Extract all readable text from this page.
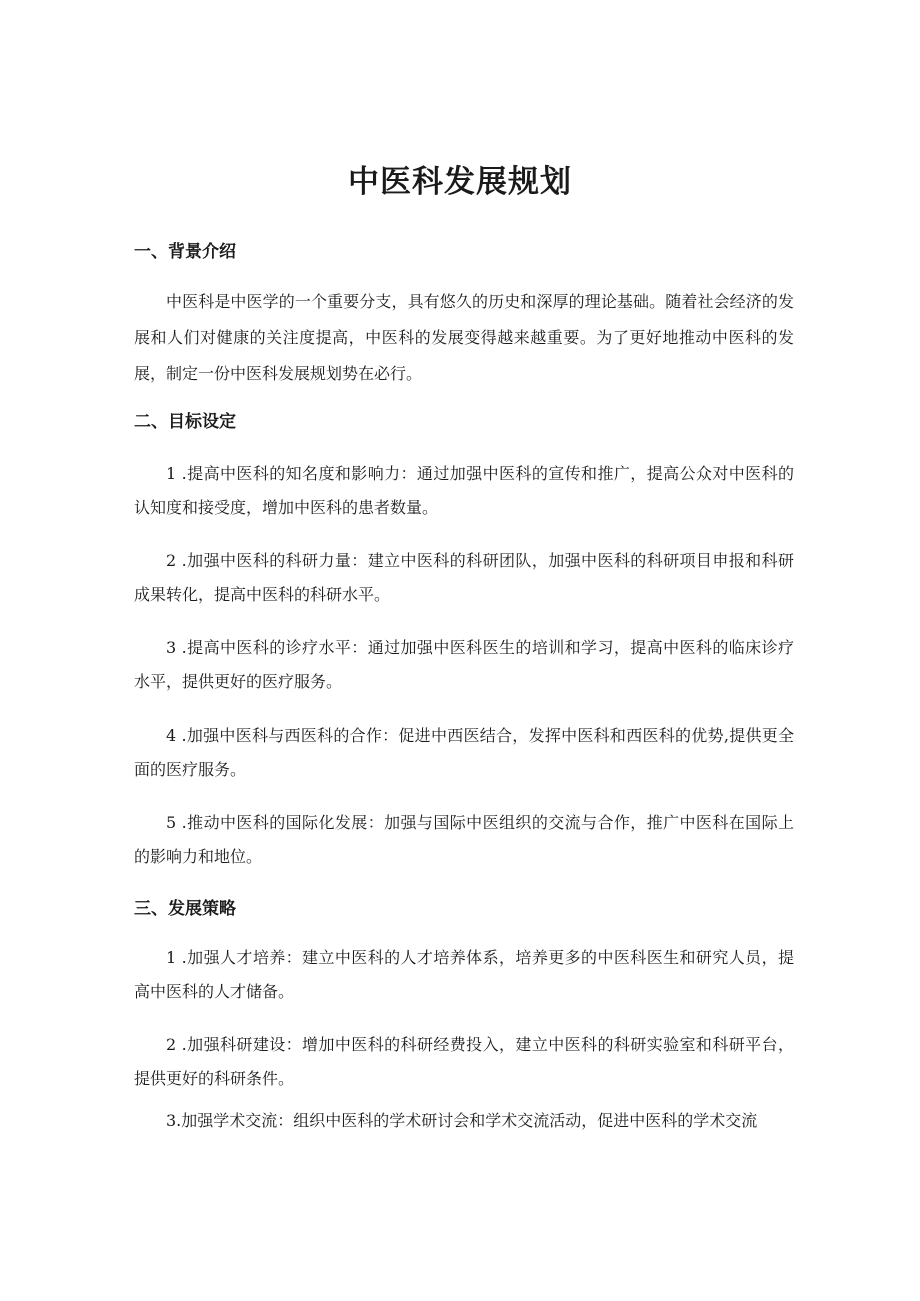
中医科发展规划
一、背景介绍

中医科是中医学的一个重要分支，具有悠久的历史和深厚的理论基础。随着社会经济的发展和人们对健康的关注度提高，中医科的发展变得越来越重要。为了更好地推动中医科的发展，制定一份中医科发展规划势在必行。

二、目标设定

1 .提高中医科的知名度和影响力：通过加强中医科的宣传和推广，提高公众对中医科的认知度和接受度，增加中医科的患者数量。

2 .加强中医科的科研力量：建立中医科的科研团队，加强中医科的科研项目申报和科研成果转化，提高中医科的科研水平。

3 .提高中医科的诊疗水平：通过加强中医科医生的培训和学习，提高中医科的临床诊疗水平，提供更好的医疗服务。

4 .加强中医科与西医科的合作：促进中西医结合，发挥中医科和西医科的优势,提供更全面的医疗服务。

5 .推动中医科的国际化发展：加强与国际中医组织的交流与合作，推广中医科在国际上的影响力和地位。

三、发展策略

1 .加强人才培养：建立中医科的人才培养体系，培养更多的中医科医生和研究人员，提高中医科的人才储备。

2 .加强科研建设：增加中医科的科研经费投入，建立中医科的科研实验室和科研平台，提供更好的科研条件。

3.加强学术交流：组织中医科的学术研讨会和学术交流活动，促进中医科的学术交流
